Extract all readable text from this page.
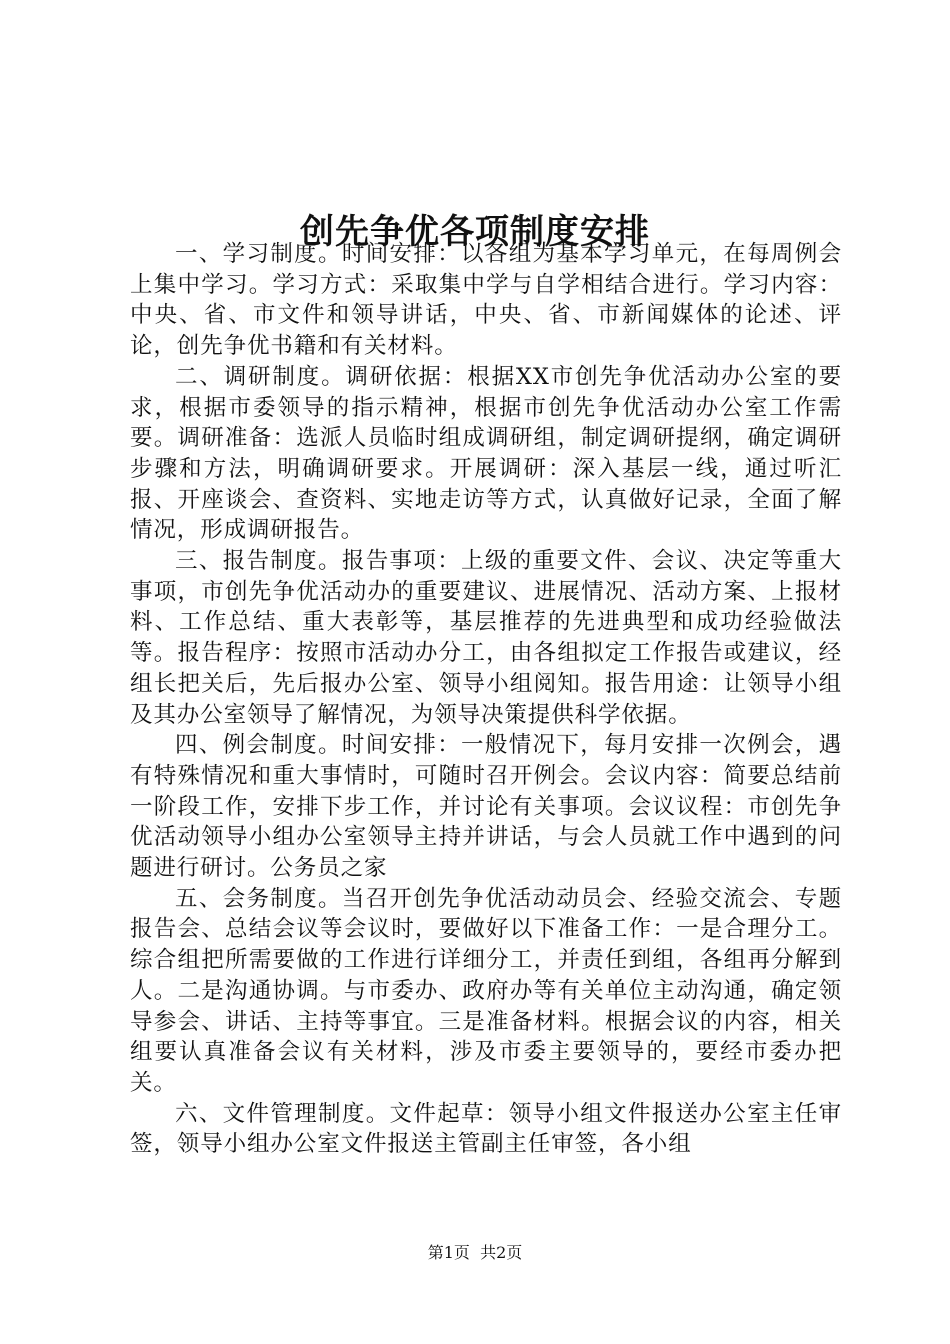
创先争优各项制度安排

一、学习制度。时间安排：以各组为基本学习单元，在每周例会上集中学习。学习方式：采取集中学与自学相结合进行。学习内容：中央、省、市文件和领导讲话，中央、省、市新闻媒体的论述、评论，创先争优书籍和有关材料。

二、调研制度。调研依据：根据XX市创先争优活动办公室的要求，根据市委领导的指示精神，根据市创先争优活动办公室工作需要。调研准备：选派人员临时组成调研组，制定调研提纲，确定调研步骤和方法，明确调研要求。开展调研：深入基层一线，通过听汇报、开座谈会、查资料、实地走访等方式，认真做好记录，全面了解情况，形成调研报告。

三、报告制度。报告事项：上级的重要文件、会议、决定等重大事项，市创先争优活动办的重要建议、进展情况、活动方案、上报材料、工作总结、重大表彰等，基层推荐的先进典型和成功经验做法等。报告程序：按照市活动办分工，由各组拟定工作报告或建议，经组长把关后，先后报办公室、领导小组阅知。报告用途：让领导小组及其办公室领导了解情况，为领导决策提供科学依据。

四、例会制度。时间安排：一般情况下，每月安排一次例会，遇有特殊情况和重大事情时，可随时召开例会。会议内容：简要总结前一阶段工作，安排下步工作，并讨论有关事项。会议议程：市创先争优活动领导小组办公室领导主持并讲话，与会人员就工作中遇到的问题进行研讨。公务员之家

五、会务制度。当召开创先争优活动动员会、经验交流会、专题报告会、总结会议等会议时，要做好以下准备工作：一是合理分工。综合组把所需要做的工作进行详细分工，并责任到组，各组再分解到人。二是沟通协调。与市委办、政府办等有关单位主动沟通，确定领导参会、讲话、主持等事宜。三是准备材料。根据会议的内容，相关组要认真准备会议有关材料，涉及市委主要领导的，要经市委办把关。

六、文件管理制度。文件起草：领导小组文件报送办公室主任审签，领导小组办公室文件报送主管副主任审签，各小组

第1页  共2页
